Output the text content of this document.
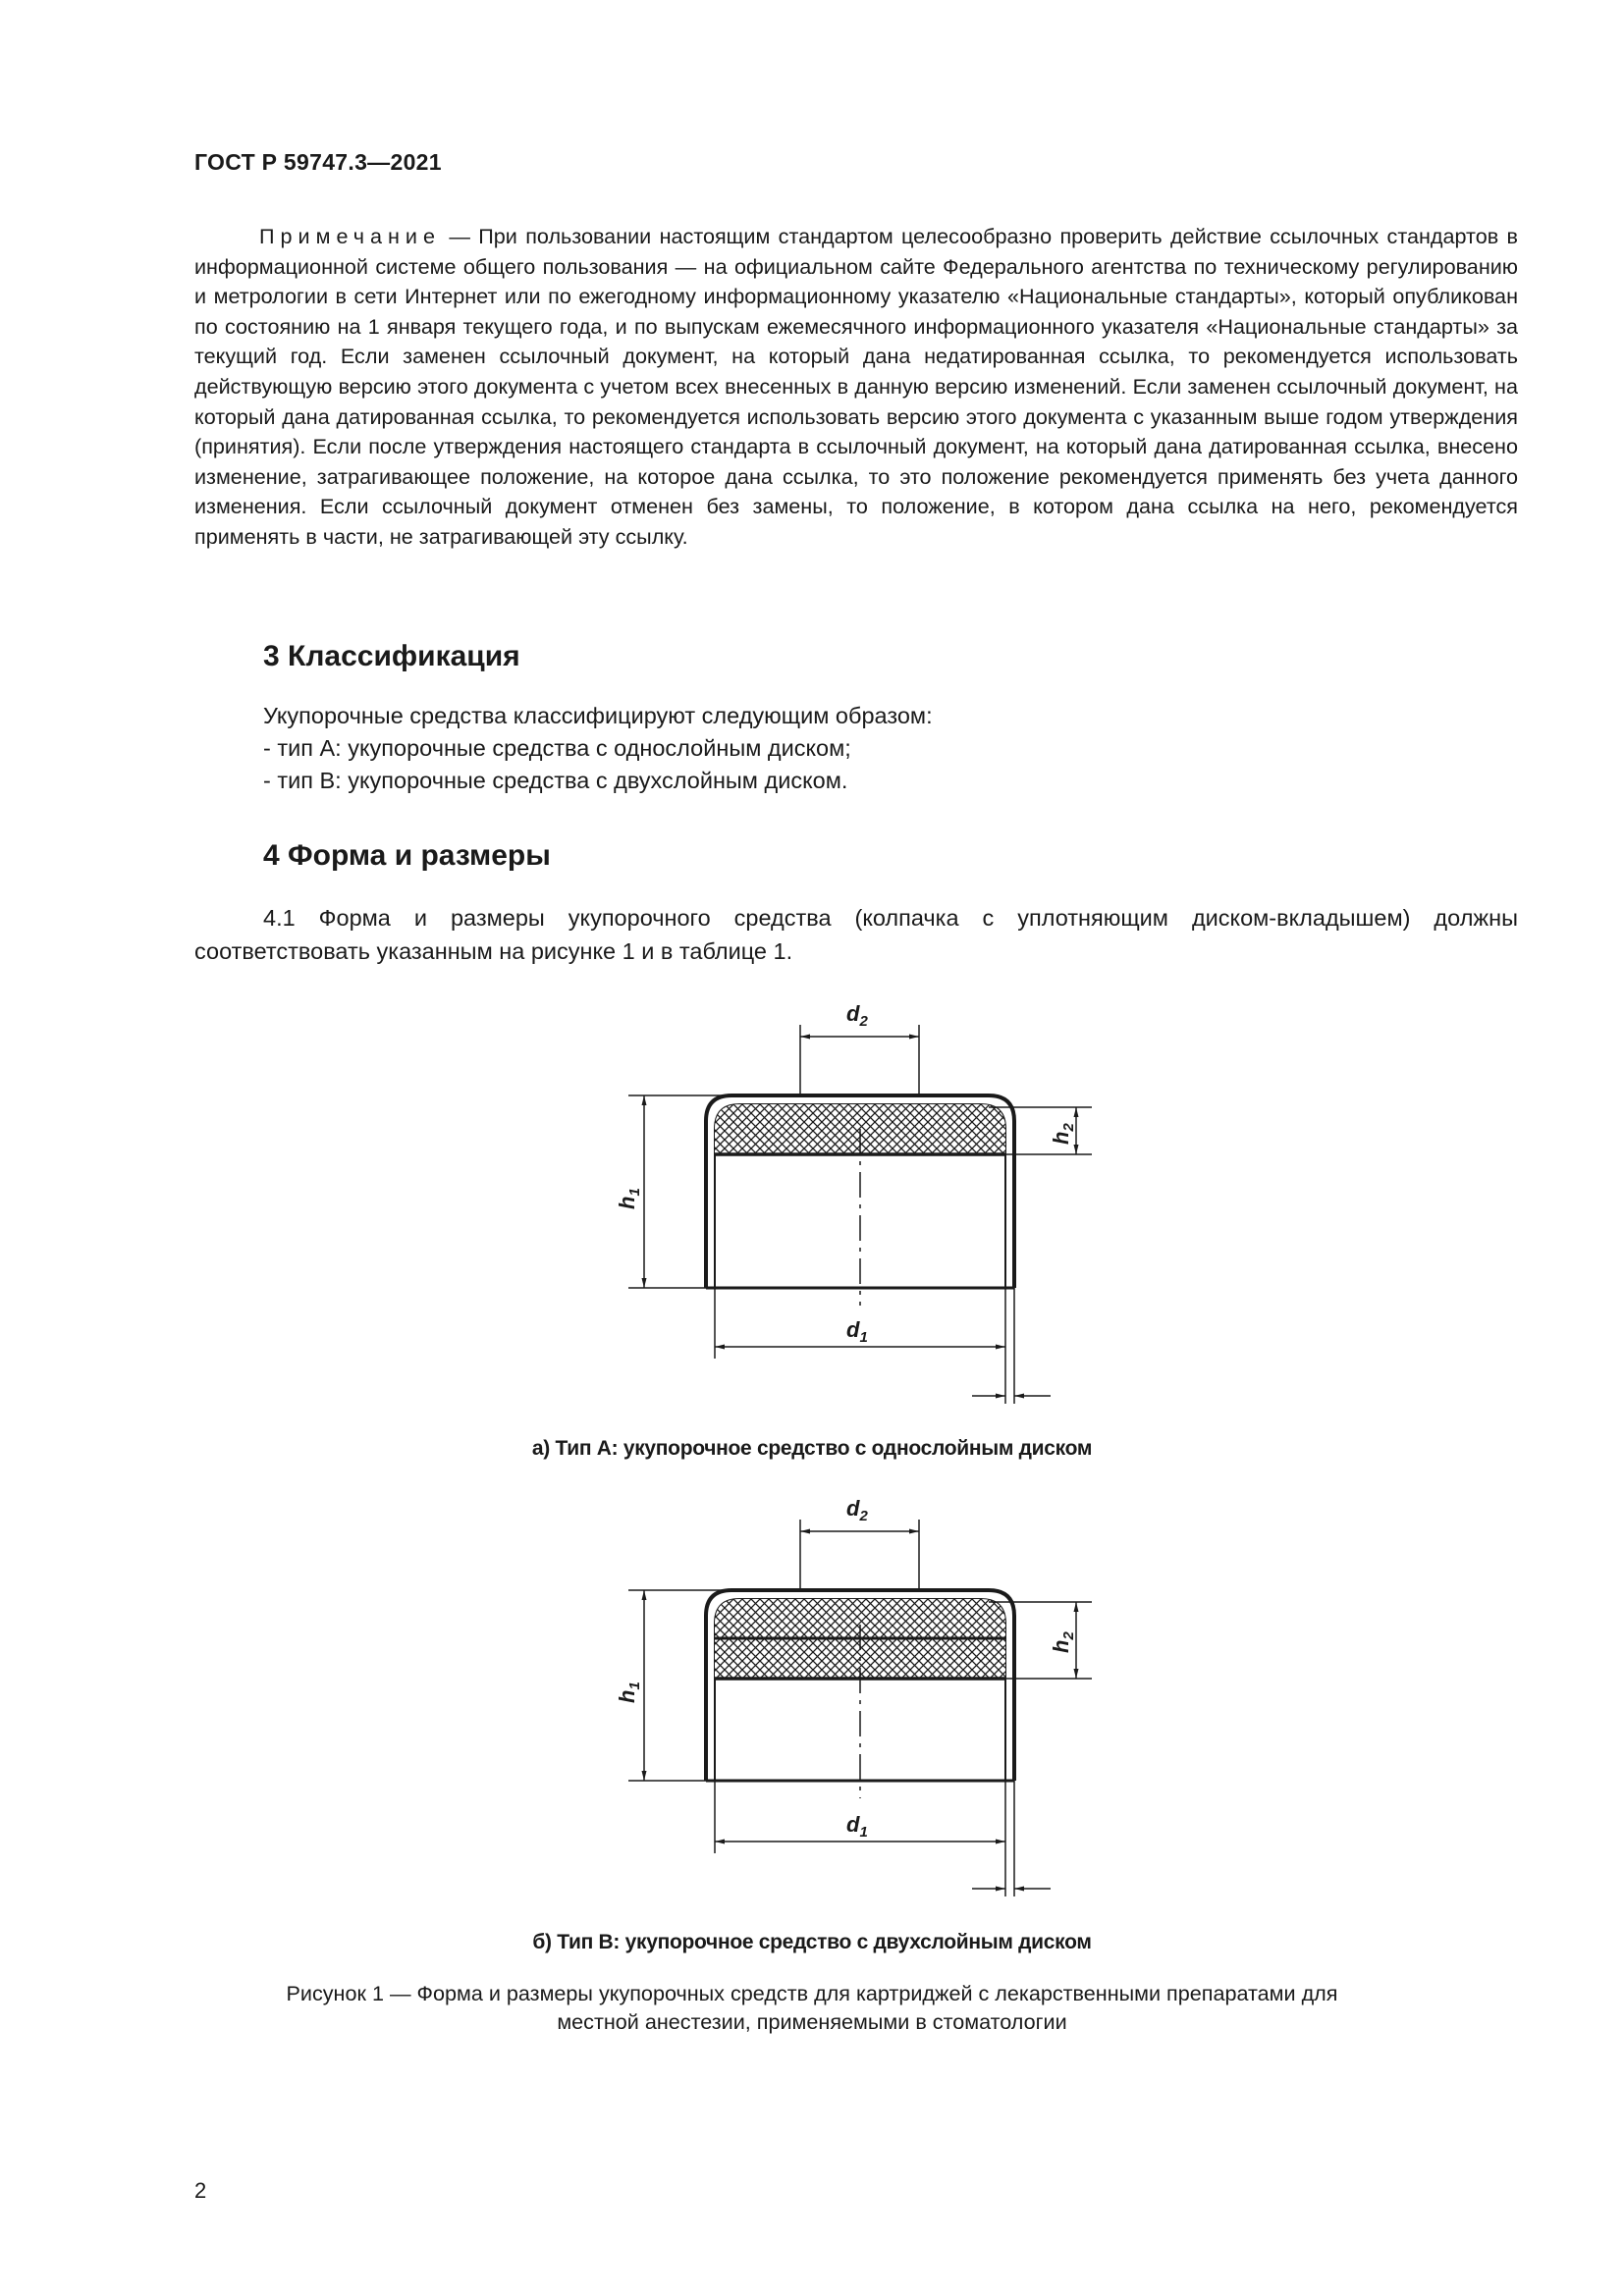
ГОСТ Р 59747.3—2021

Примечание — При пользовании настоящим стандартом целесообразно проверить действие ссылочных стандартов в информационной системе общего пользования — на официальном сайте Федерального агентства по техническому регулированию и метрологии в сети Интернет или по ежегодному информационному указателю «Национальные стандарты», который опубликован по состоянию на 1 января текущего года, и по выпускам ежемесячного информационного указателя «Национальные стандарты» за текущий год. Если заменен ссылочный документ, на который дана недатированная ссылка, то рекомендуется использовать действующую версию этого документа с учетом всех внесенных в данную версию изменений. Если заменен ссылочный документ, на который дана датированная ссылка, то рекомендуется использовать версию этого документа с указанным выше годом утверждения (принятия). Если после утверждения настоящего стандарта в ссылочный документ, на который дана датированная ссылка, внесено изменение, затрагивающее положение, на которое дана ссылка, то это положение рекомендуется применять без учета данного изменения. Если ссылочный документ отменен без замены, то положение, в котором дана ссылка на него, рекомендуется применять в части, не затрагивающей эту ссылку.

3 Классификация
Укупорочные средства классифицируют следующим образом:
- тип А: укупорочные средства с однослойным диском;
- тип В: укупорочные средства с двухслойным диском.
4 Форма и размеры

4.1 Форма и размеры укупорочного средства (колпачка с уплотняющим диском-вкладышем) должны соответствовать указанным на рисунке 1 и в таблице 1.

$d_2$
$d_1$
$h_1$
$h_2$
$d_2$
$d_1$
$h_1$
$h_2$
а) Тип А: укупорочное средство с однослойным диском
б) Тип В: укупорочное средство с двухслойным диском
Рисунок 1 — Форма и размеры укупорочных средств для картриджей с лекарственными препаратами для
местной анестезии, применяемыми в стоматологии
2
